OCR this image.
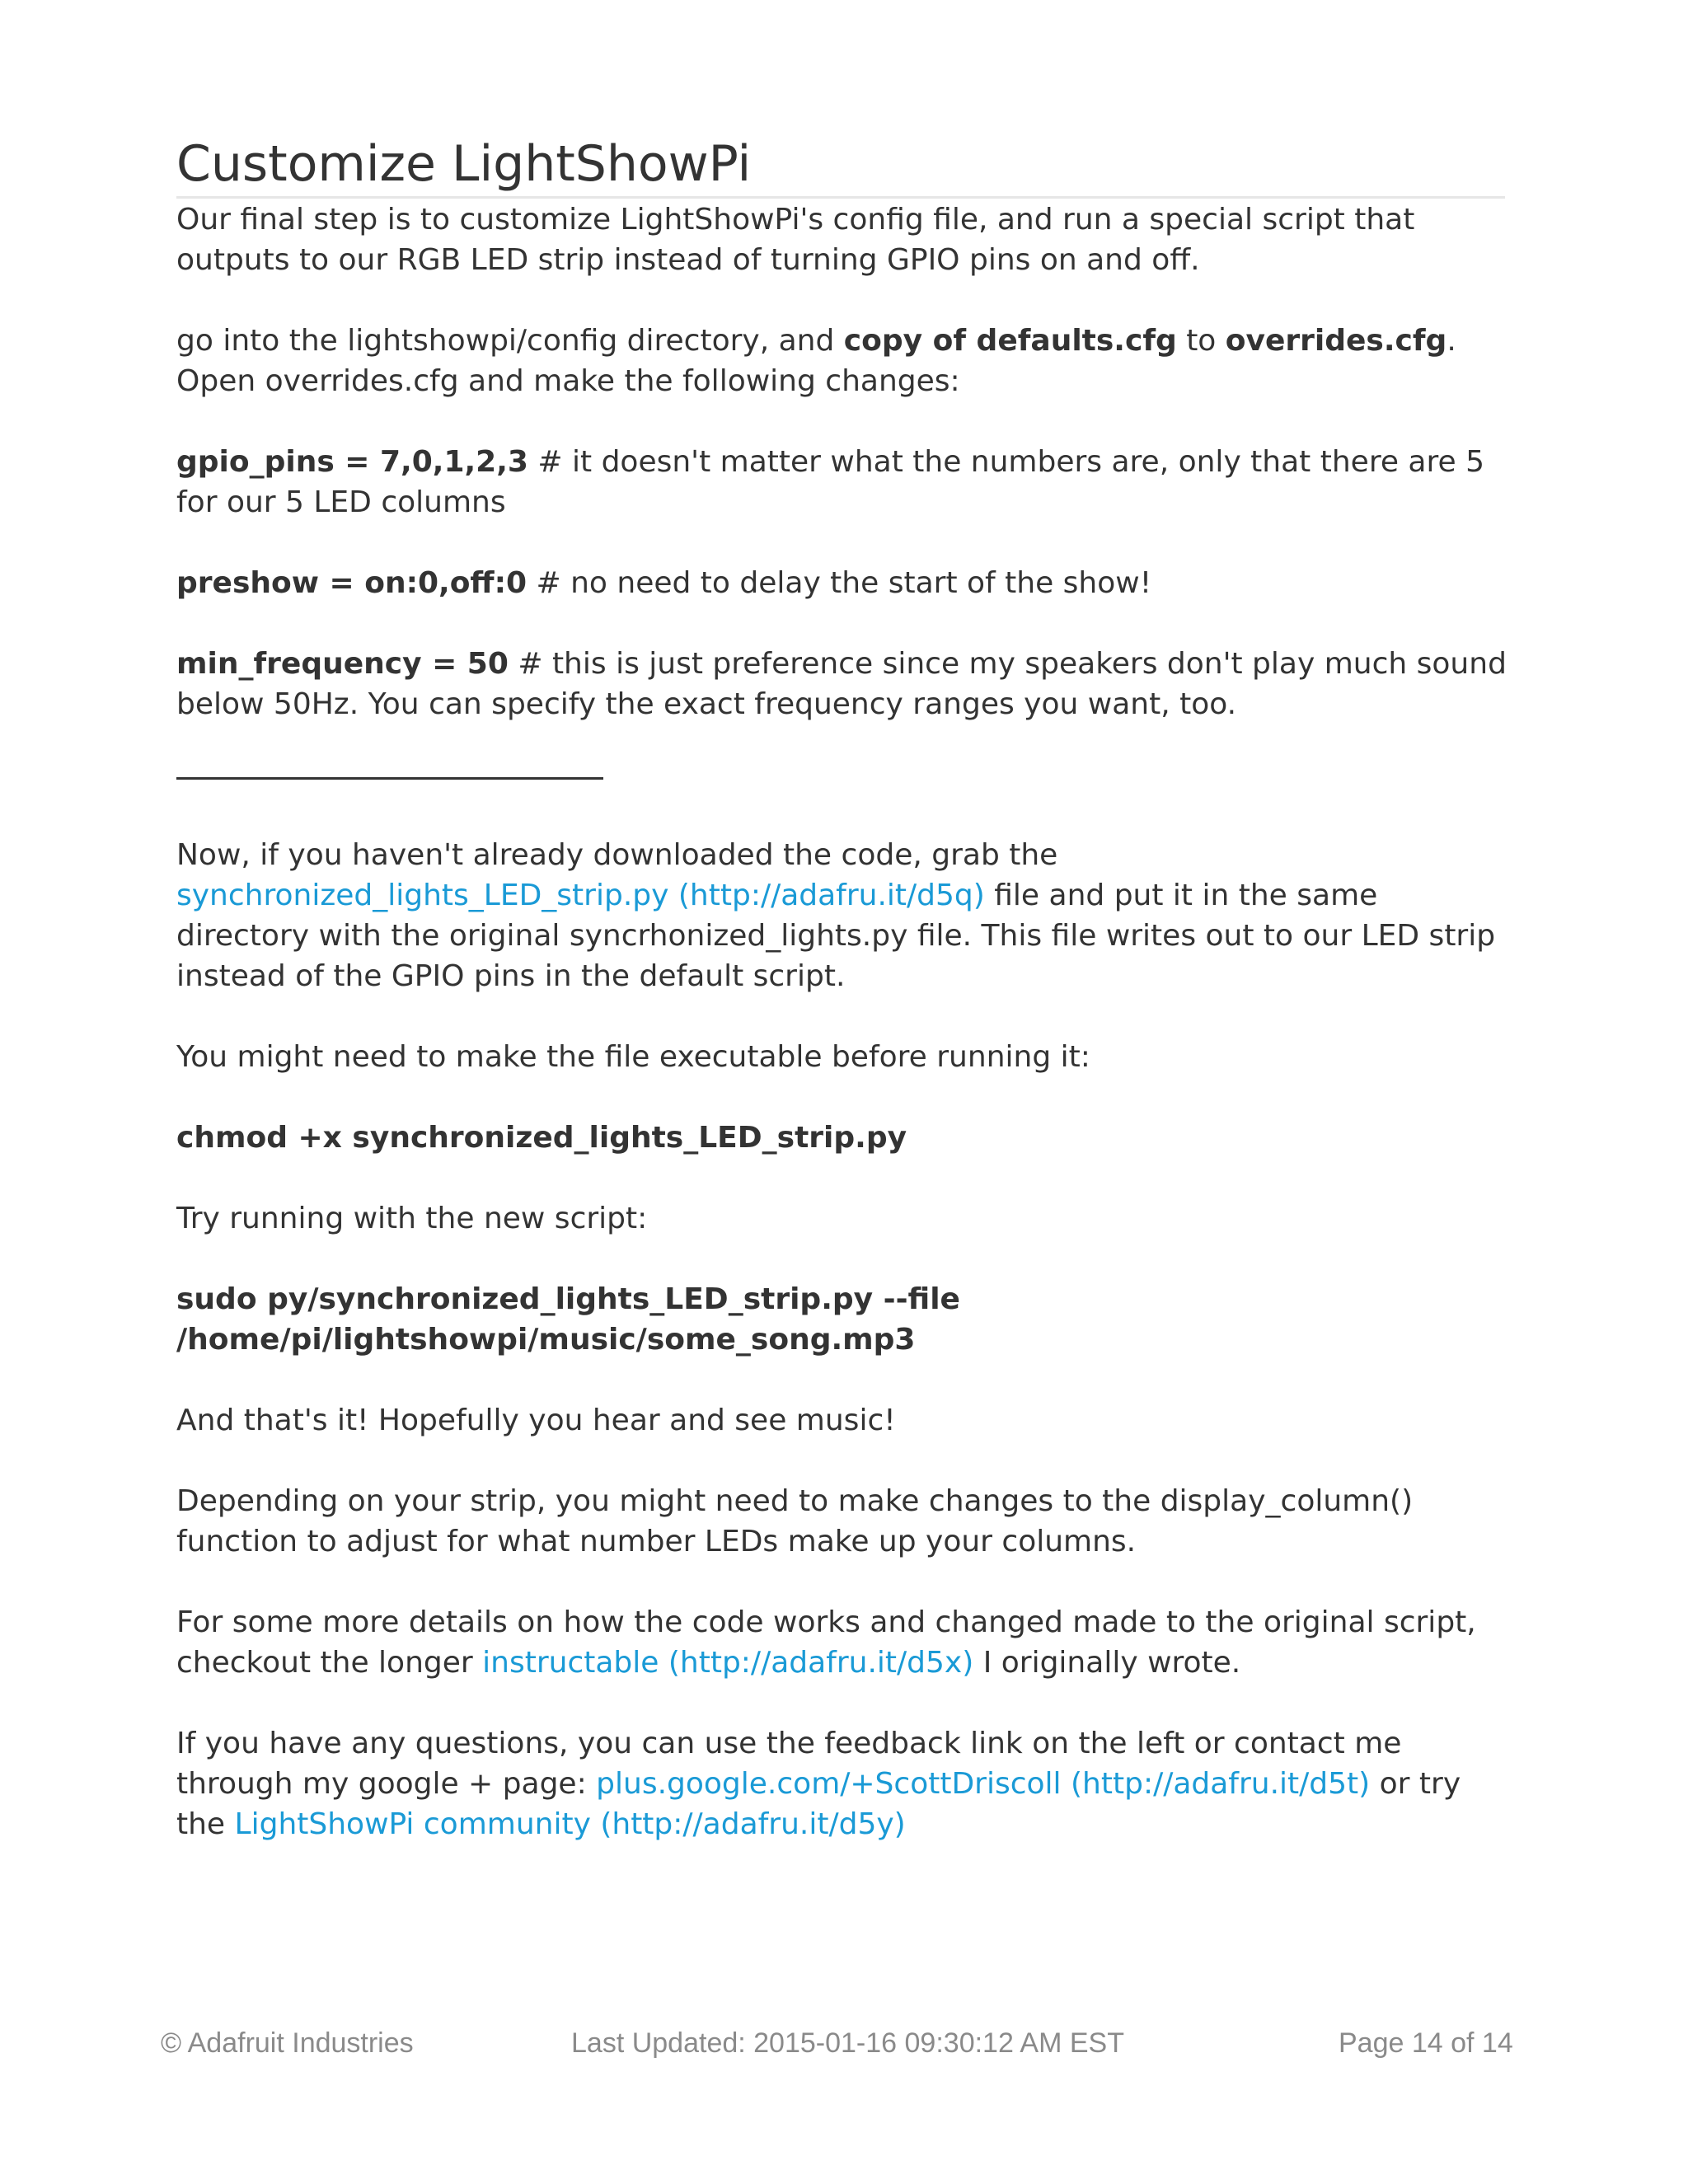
Customize LightShowPi

Our final step is to customize LightShowPi's config file, and run a special script that outputs to our RGB LED strip instead of turning GPIO pins on and off.

go into the lightshowpi/config directory, and copy of defaults.cfg to overrides.cfg. Open overrides.cfg and make the following changes:

gpio_pins = 7,0,1,2,3 # it doesn't matter what the numbers are, only that there are 5 for our 5 LED columns

preshow = on:0,off:0 # no need to delay the start of the show!

min_frequency = 50 # this is just preference since my speakers don't play much sound below 50Hz. You can specify the exact frequency ranges you want, too.

Now, if you haven't already downloaded the code, grab the synchronized_lights_LED_strip.py (http://adafru.it/d5q) file and put it in the same directory with the original syncrhonized_lights.py file. This file writes out to our LED strip instead of the GPIO pins in the default script.

You might need to make the file executable before running it:

chmod +x synchronized_lights_LED_strip.py

Try running with the new script:

sudo py/synchronized_lights_LED_strip.py --file /home/pi/lightshowpi/music/some_song.mp3

And that's it! Hopefully you hear and see music!

Depending on your strip, you might need to make changes to the display_column() function to adjust for what number LEDs make up your columns.

For some more details on how the code works and changed made to the original script, checkout the longer instructable (http://adafru.it/d5x) I originally wrote.

If you have any questions, you can use the feedback link on the left or contact me through my google + page: plus.google.com/+ScottDriscoll (http://adafru.it/d5t) or try the LightShowPi community (http://adafru.it/d5y)

© Adafruit Industries	Last Updated: 2015-01-16 09:30:12 AM EST	Page 14 of 14
